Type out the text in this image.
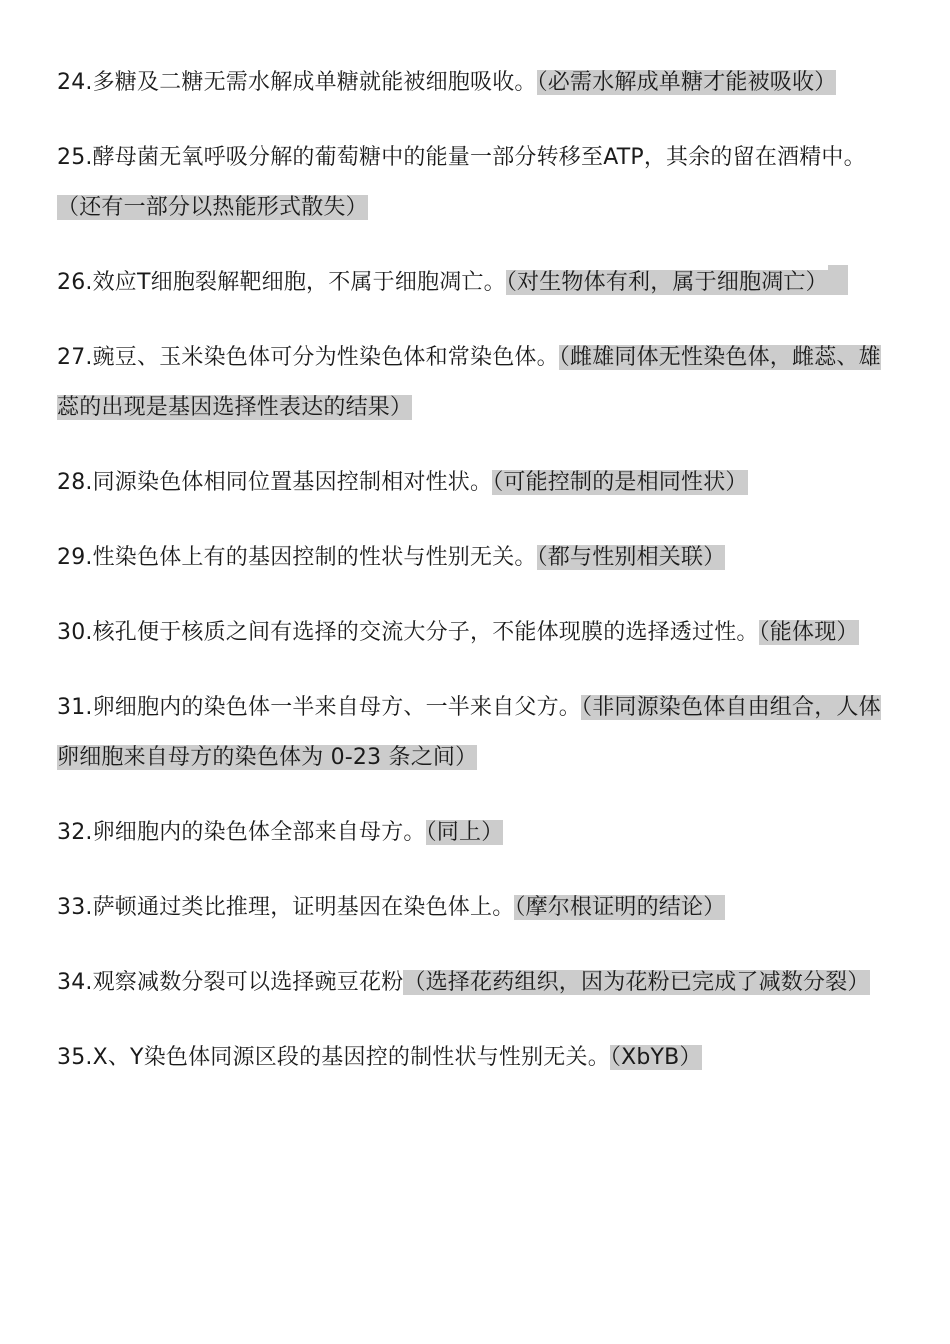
24.多糖及二糖无需水解成单糖就能被细胞吸收。（必需水解成单糖才能被吸收）

25.酵母菌无氧呼吸分解的葡萄糖中的能量一部分转移至ATP，其余的留在酒精中。（还有一部分以热能形式散失）

26.效应T细胞裂解靶细胞，不属于细胞凋亡。（对生物体有利，属于细胞凋亡）

27.豌豆、玉米染色体可分为性染色体和常染色体。（雌雄同体无性染色体，雌蕊、雄蕊的出现是基因选择性表达的结果）

28.同源染色体相同位置基因控制相对性状。（可能控制的是相同性状）

29.性染色体上有的基因控制的性状与性别无关。（都与性别相关联）

30.核孔便于核质之间有选择的交流大分子，不能体现膜的选择透过性。（能体现）

31.卵细胞内的染色体一半来自母方、一半来自父方。（非同源染色体自由组合，人体卵细胞来自母方的染色体为 0-23 条之间）

32.卵细胞内的染色体全部来自母方。（同上）

33.萨顿通过类比推理，证明基因在染色体上。（摩尔根证明的结论）

34.观察减数分裂可以选择豌豆花粉（选择花药组织，因为花粉已完成了减数分裂）

35.X、Y染色体同源区段的基因控的制性状与性别无关。（XbYB）
